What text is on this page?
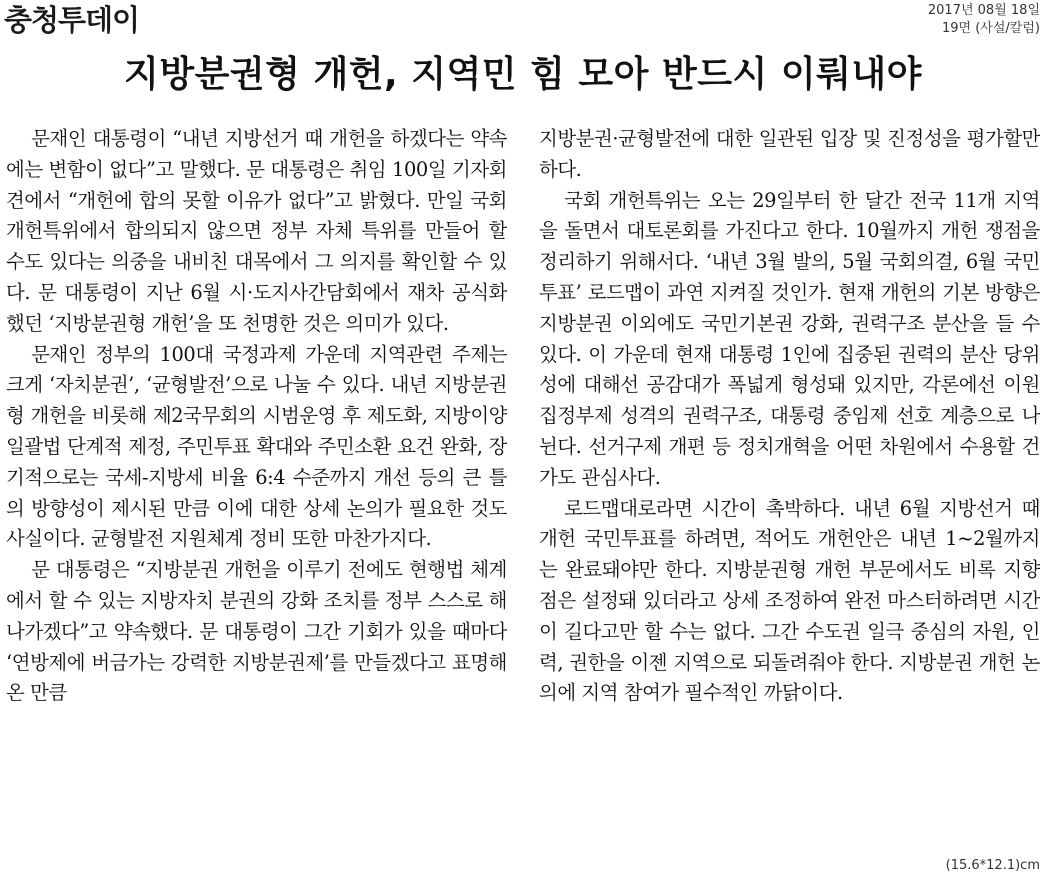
충청투데이	2017년 08월 18일
19면 (사설/칼럼)
지방분권형 개헌, 지역민 힘 모아 반드시 이뤄내야

문재인 대통령이 “내년 지방선거 때 개헌을 하겠다는 약속에는 변함이 없다”고 말했다. 문 대통령은 취임 100일 기자회견에서 “개헌에 합의 못할 이유가 없다”고 밝혔다. 만일 국회개헌특위에서 합의되지 않으면 정부 자체 특위를 만들어 할 수도 있다는 의중을 내비친 대목에서 그 의지를 확인할 수 있다. 문 대통령이 지난 6월 시·도지사간담회에서 재차 공식화했던 ‘지방분권형 개헌’을 또 천명한 것은 의미가 있다.

문재인 정부의 100대 국정과제 가운데 지역관련 주제는 크게 ‘자치분권’, ‘균형발전’으로 나눌 수 있다. 내년 지방분권형 개헌을 비롯해 제2국무회의 시범운영 후 제도화, 지방이양일괄법 단계적 제정, 주민투표 확대와 주민소환 요건 완화, 장기적으로는 국세-지방세 비율 6:4 수준까지 개선 등의 큰 틀의 방향성이 제시된 만큼 이에 대한 상세 논의가 필요한 것도 사실이다. 균형발전 지원체계 정비 또한 마찬가지다.

문 대통령은 “지방분권 개헌을 이루기 전에도 현행법 체계에서 할 수 있는 지방자치 분권의 강화 조치를 정부 스스로 해나가겠다”고 약속했다. 문 대통령이 그간 기회가 있을 때마다 ‘연방제에 버금가는 강력한 지방분권제’를 만들겠다고 표명해온 만큼

지방분권·균형발전에 대한 일관된 입장 및 진정성을 평가할만하다.

국회 개헌특위는 오는 29일부터 한 달간 전국 11개 지역을 돌면서 대토론회를 가진다고 한다. 10월까지 개헌 쟁점을 정리하기 위해서다. ‘내년 3월 발의, 5월 국회의결, 6월 국민투표’ 로드맵이 과연 지켜질 것인가. 현재 개헌의 기본 방향은 지방분권 이외에도 국민기본권 강화, 권력구조 분산을 들 수 있다. 이 가운데 현재 대통령 1인에 집중된 권력의 분산 당위성에 대해선 공감대가 폭넓게 형성돼 있지만, 각론에선 이원집정부제 성격의 권력구조, 대통령 중임제 선호 계층으로 나뉜다. 선거구제 개편 등 정치개혁을 어떤 차원에서 수용할 건가도 관심사다.

로드맵대로라면 시간이 촉박하다. 내년 6월 지방선거 때 개헌 국민투표를 하려면, 적어도 개헌안은 내년 1~2월까지는 완료돼야만 한다. 지방분권형 개헌 부문에서도 비록 지향점은 설정돼 있더라고 상세 조정하여 완전 마스터하려면 시간이 길다고만 할 수는 없다. 그간 수도권 일극 중심의 자원, 인력, 권한을 이젠 지역으로 되돌려줘야 한다. 지방분권 개헌 논의에 지역 참여가 필수적인 까닭이다.

(15.6*12.1)cm
